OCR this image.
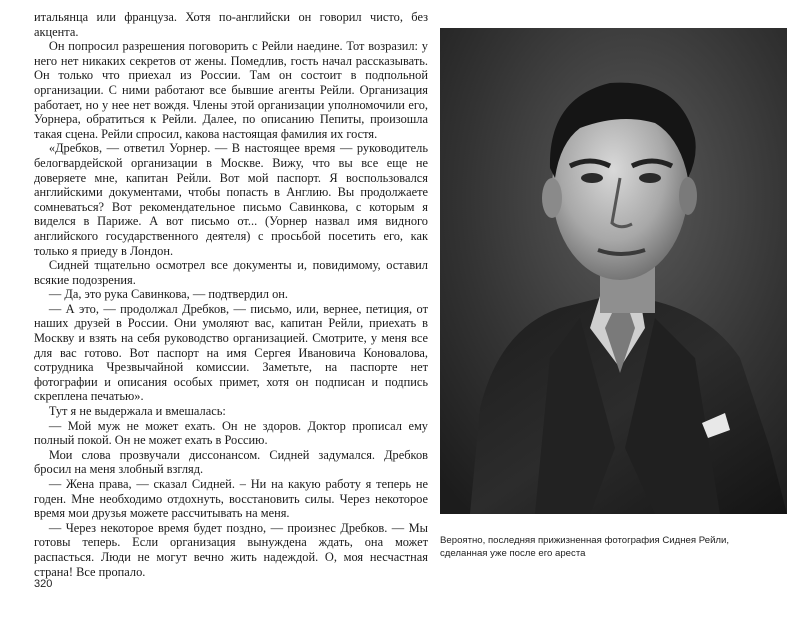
итальянца или француза. Хотя по-английски он говорил чисто, без акцента.

Он попросил разрешения поговорить с Рейли наедине. Тот возразил: у него нет никаких секретов от жены. Помедлив, гость начал рассказывать. Он только что приехал из России. Там он состоит в подпольной организации. С ними работают все бывшие агенты Рейли. Организация работает, но у нее нет вождя. Члены этой организации уполномочили его, Уорнера, обратиться к Рейли. Далее, по описанию Пепиты, произошла такая сцена. Рейли спросил, какова настоящая фамилия их гостя.

«Дребков, — ответил Уорнер. — В настоящее время — руководитель белогвардейской организации в Москве. Вижу, что вы все еще не доверяете мне, капитан Рейли. Вот мой паспорт. Я воспользовался английскими документами, чтобы попасть в Англию. Вы продолжаете сомневаться? Вот рекомендательное письмо Савинкова, с которым я виделся в Париже. А вот письмо от... (Уорнер назвал имя видного английского государственного деятеля) с просьбой посетить его, как только я приеду в Лондон.

Сидней тщательно осмотрел все документы и, повидимому, оставил всякие подозрения.

— Да, это рука Савинкова, — подтвердил он.

— А это, — продолжал Дребков, — письмо, или, вернее, петиция, от наших друзей в России. Они умоляют вас, капитан Рейли, приехать в Москву и взять на себя руководство организацией. Смотрите, у меня все для вас готово. Вот паспорт на имя Сергея Ивановича Коновалова, сотрудника Чрезвычайной комиссии. Заметьте, на паспорте нет фотографии и описания особых примет, хотя он подписан и подпись скреплена печатью».

Тут я не выдержала и вмешалась:

— Мой муж не может ехать. Он не здоров. Доктор прописал ему полный покой. Он не может ехать в Россию.

Мои слова прозвучали диссонансом. Сидней задумался. Дребков бросил на меня злобный взгляд.

— Жена права, — сказал Сидней. – Ни на какую работу я теперь не годен. Мне необходимо отдохнуть, восстановить силы. Через некоторое время мои друзья можете рассчитывать на меня.

— Через некоторое время будет поздно, — произнес Дребков. — Мы готовы теперь. Если организация вынуждена ждать, она может распасться. Люди не могут вечно жить надеждой. О, моя несчастная страна! Все пропало.

320
Вероятно, последняя прижизненная фотография Сиднея Рейли,
сделанная уже после его ареста
